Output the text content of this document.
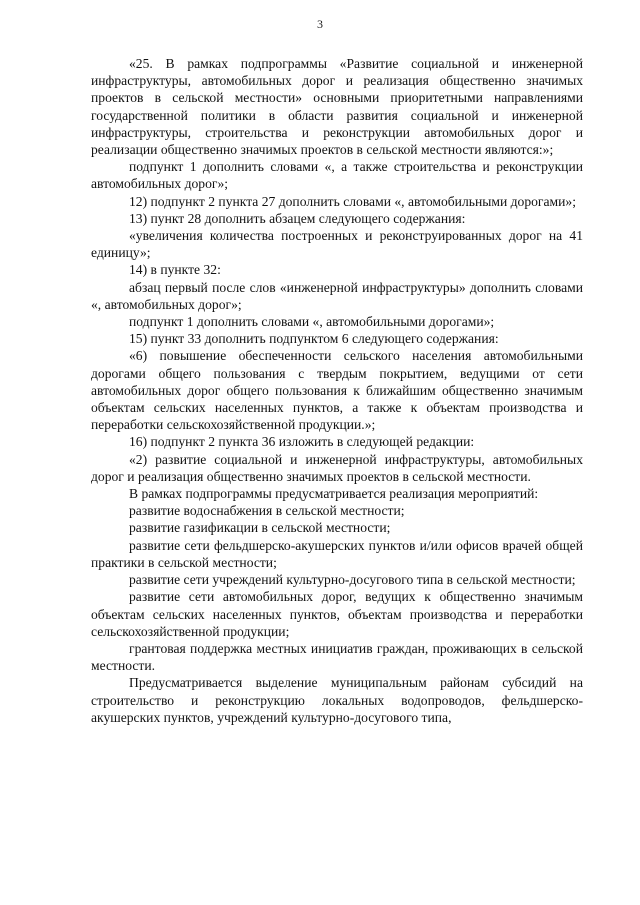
3

«25. В рамках подпрограммы «Развитие социальной и инженерной инфраструктуры, автомобильных дорог и реализация общественно значимых проектов в сельской местности» основными приоритетными направлениями государственной политики в области развития социальной и инженерной инфраструктуры, строительства и реконструкции автомобильных дорог и реализации общественно значимых проектов в сельской местности являются:»;

подпункт 1 дополнить словами «, а также строительства и реконструкции автомобильных дорог»;

12) подпункт 2 пункта 27 дополнить словами «, автомобильными дорогами»;

13) пункт 28 дополнить абзацем следующего содержания:

«увеличения количества построенных и реконструированных дорог на 41 единицу»;

14) в пункте 32:

абзац первый после слов «инженерной инфраструктуры» дополнить словами «, автомобильных дорог»;

подпункт 1 дополнить словами «, автомобильными дорогами»;

15) пункт 33 дополнить подпунктом 6 следующего содержания:

«6) повышение обеспеченности сельского населения автомобильными дорогами общего пользования с твердым покрытием, ведущими от сети автомобильных дорог общего пользования к ближайшим общественно значимым объектам сельских населенных пунктов, а также к объектам производства и переработки сельскохозяйственной продукции.»;

16) подпункт 2 пункта 36 изложить в следующей редакции:

«2) развитие социальной и инженерной инфраструктуры, автомобильных дорог и реализация общественно значимых проектов в сельской местности.

В рамках подпрограммы предусматривается реализация мероприятий:

развитие водоснабжения в сельской местности;

развитие газификации в сельской местности;

развитие сети фельдшерско-акушерских пунктов и/или офисов врачей общей практики в сельской местности;

развитие сети учреждений культурно-досугового типа в сельской местности;

развитие сети автомобильных дорог, ведущих к общественно значимым объектам сельских населенных пунктов, объектам производства и переработки сельскохозяйственной продукции;

грантовая поддержка местных инициатив граждан, проживающих в сельской местности.

Предусматривается выделение муниципальным районам субсидий на строительство и реконструкцию локальных водопроводов, фельдшерско-акушерских пунктов, учреждений культурно-досугового типа,
